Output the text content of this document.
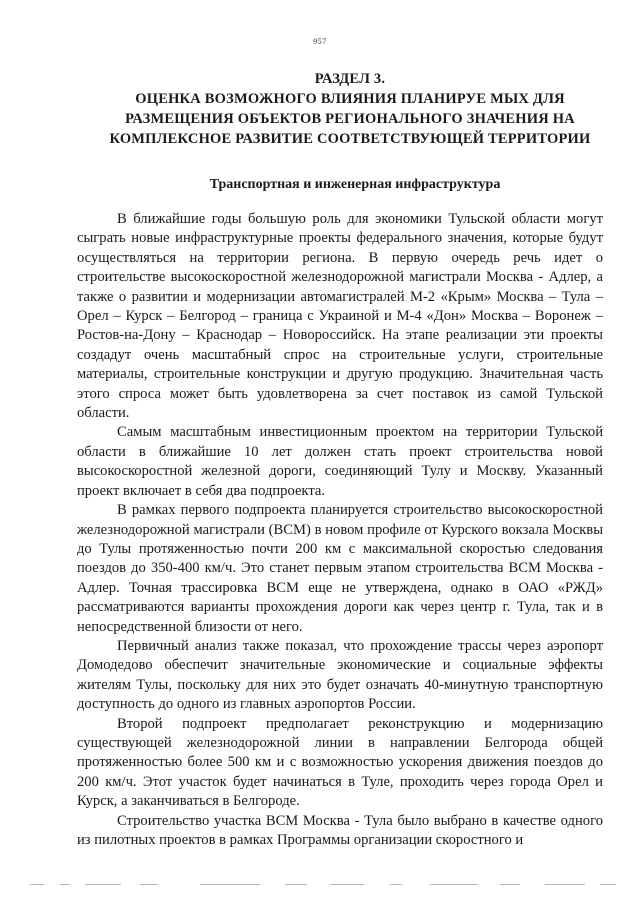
957
РАЗДЕЛ 3.
ОЦЕНКА ВОЗМОЖНОГО ВЛИЯНИЯ ПЛАНИРУЕ МЫХ ДЛЯ
РАЗМЕЩЕНИЯ ОБЪЕКТОВ РЕГИОНАЛЬНОГО ЗНАЧЕНИЯ НА
КОМПЛЕКСНОЕ РАЗВИТИЕ СООТВЕТСТВУЮЩЕЙ ТЕРРИТОРИИ
Транспортная и инженерная инфраструктура

В ближайшие годы большую роль для экономики Тульской области могут сыграть новые инфраструктурные проекты федерального значения, которые будут осуществляться на территории региона. В первую очередь речь идет о строительстве высокоскоростной железнодорожной магистрали Москва - Адлер, а также о развитии и модернизации автомагистралей М-2 «Крым» Москва – Тула – Орел – Курск – Белгород – граница с Украиной и М-4 «Дон» Москва – Воронеж – Ростов-на-Дону – Краснодар – Новороссийск. На этапе реализации эти проекты создадут очень масштабный спрос на строительные услуги, строительные материалы, строительные конструкции и другую продукцию. Значительная часть этого спроса может быть удовлетворена за счет поставок из самой Тульской области.

Самым масштабным инвестиционным проектом на территории Тульской области в ближайшие 10 лет должен стать проект строительства новой высокоскоростной железной дороги, соединяющий Тулу и Москву. Указанный проект включает в себя два подпроекта.

В рамках первого подпроекта планируется строительство высокоскоростной железнодорожной магистрали (ВСМ) в новом профиле от Курского вокзала Москвы до Тулы протяженностью почти 200 км с максимальной скоростью следования поездов до 350-400 км/ч. Это станет первым этапом строительства ВСМ Москва - Адлер. Точная трассировка ВСМ еще не утверждена, однако в ОАО «РЖД» рассматриваются варианты прохождения дороги как через центр г. Тула, так и в непосредственной близости от него.

Первичный анализ также показал, что прохождение трассы через аэропорт Домодедово обеспечит значительные экономические и социальные эффекты жителям Тулы, поскольку для них это будет означать 40-минутную транспортную доступность до одного из главных аэропортов России.

Второй подпроект предполагает реконструкцию и модернизацию существующей железнодорожной линии в направлении Белгорода общей протяженностью более 500 км и с возможностью ускорения движения поездов до 200 км/ч. Этот участок будет начинаться в Туле, проходить через города Орел и Курск, а заканчиваться в Белгороде.

Строительство участка ВСМ Москва - Тула было выбрано в качестве одного из пилотных проектов в рамках Программы организации скоростного и
